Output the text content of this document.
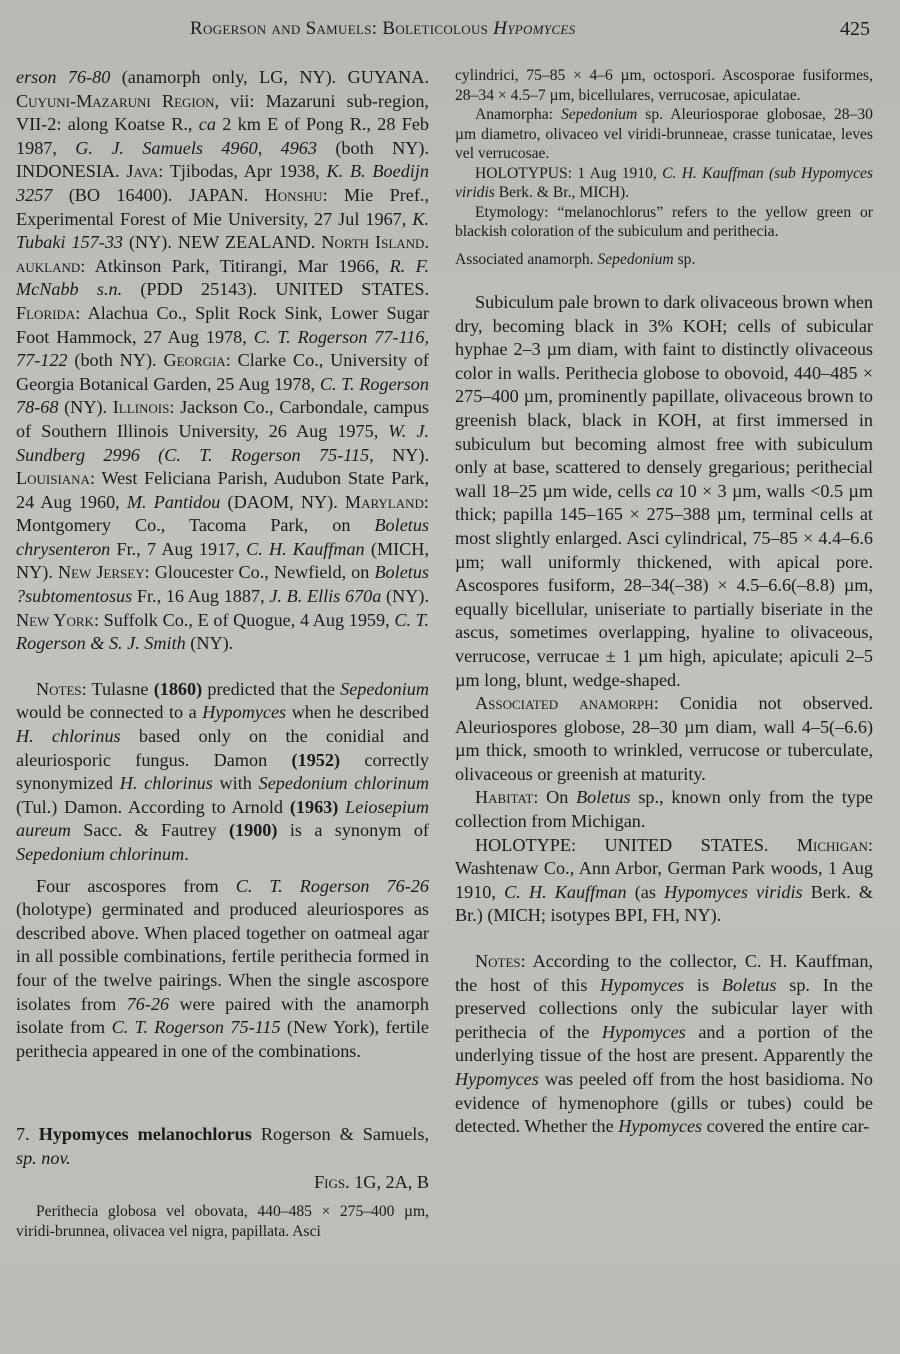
Rogerson and Samuels: Boleticolous Hypomyces	425

erson 76-80 (anamorph only, LG, NY). GUYANA. Cuyuni-Mazaruni Region, vii: Mazaruni sub-region, VII-2: along Koatse R., ca 2 km E of Pong R., 28 Feb 1987, G. J. Samuels 4960, 4963 (both NY). INDONESIA. Java: Tjibodas, Apr 1938, K. B. Boedijn 3257 (BO 16400). JAPAN. Honshu: Mie Pref., Experimental Forest of Mie University, 27 Jul 1967, K. Tubaki 157-33 (NY). NEW ZEALAND. North Island. aukland: Atkinson Park, Titirangi, Mar 1966, R. F. McNabb s.n. (PDD 25143). UNITED STATES. Florida: Alachua Co., Split Rock Sink, Lower Sugar Foot Hammock, 27 Aug 1978, C. T. Rogerson 77-116, 77-122 (both NY). Georgia: Clarke Co., University of Georgia Botanical Garden, 25 Aug 1978, C. T. Rogerson 78-68 (NY). Illinois: Jackson Co., Carbondale, campus of Southern Illinois University, 26 Aug 1975, W. J. Sundberg 2996 (C. T. Rogerson 75-115, NY). Louisiana: West Feliciana Parish, Audubon State Park, 24 Aug 1960, M. Pantidou (DAOM, NY). Maryland: Montgomery Co., Tacoma Park, on Boletus chrysenteron Fr., 7 Aug 1917, C. H. Kauffman (MICH, NY). New Jersey: Gloucester Co., Newfield, on Boletus ?subtomentosus Fr., 16 Aug 1887, J. B. Ellis 670a (NY). New York: Suffolk Co., E of Quogue, 4 Aug 1959, C. T. Rogerson & S. J. Smith (NY).

Notes: Tulasne (1860) predicted that the Sepedonium would be connected to a Hypomyces when he described H. chlorinus based only on the conidial and aleuriosporic fungus. Damon (1952) correctly synonymized H. chlorinus with Sepedonium chlorinum (Tul.) Damon. According to Arnold (1963) Leiosepium aureum Sacc. & Fautrey (1900) is a synonym of Sepedonium chlorinum.

Four ascospores from C. T. Rogerson 76-26 (holotype) germinated and produced aleuriospores as described above. When placed together on oatmeal agar in all possible combinations, fertile perithecia formed in four of the twelve pairings. When the single ascospore isolates from 76-26 were paired with the anamorph isolate from C. T. Rogerson 75-115 (New York), fertile perithecia appeared in one of the combinations.

7. Hypomyces melanochlorus Rogerson & Samuels, sp. nov.

Figs. 1G, 2A, B

Perithecia globosa vel obovata, 440–485 × 275–400 µm, viridi-brunnea, olivacea vel nigra, papillata. Asci

cylindrici, 75–85 × 4–6 µm, octospori. Ascosporae fusiformes, 28–34 × 4.5–7 µm, bicellulares, verrucosae, apiculatae.

Anamorpha: Sepedonium sp. Aleuriosporae globosae, 28–30 µm diametro, olivaceo vel viridi-brunneae, crasse tunicatae, leves vel verrucosae.

HOLOTYPUS: 1 Aug 1910, C. H. Kauffman (sub Hypomyces viridis Berk. & Br., MICH).

Etymology: “melanochlorus” refers to the yellow green or blackish coloration of the subiculum and perithecia.

Associated anamorph. Sepedonium sp.

Subiculum pale brown to dark olivaceous brown when dry, becoming black in 3% KOH; cells of subicular hyphae 2–3 µm diam, with faint to distinctly olivaceous color in walls. Perithecia globose to obovoid, 440–485 × 275–400 µm, prominently papillate, olivaceous brown to greenish black, black in KOH, at first immersed in subiculum but becoming almost free with subiculum only at base, scattered to densely gregarious; perithecial wall 18–25 µm wide, cells ca 10 × 3 µm, walls <0.5 µm thick; papilla 145–165 × 275–388 µm, terminal cells at most slightly enlarged. Asci cylindrical, 75–85 × 4.4–6.6 µm; wall uniformly thickened, with apical pore. Ascospores fusiform, 28–34(–38) × 4.5–6.6(–8.8) µm, equally bicellular, uniseriate to partially biseriate in the ascus, sometimes overlapping, hyaline to olivaceous, verrucose, verrucae ± 1 µm high, apiculate; apiculi 2–5 µm long, blunt, wedge-shaped.

Associated anamorph: Conidia not observed. Aleuriospores globose, 28–30 µm diam, wall 4–5(–6.6) µm thick, smooth to wrinkled, verrucose or tuberculate, olivaceous or greenish at maturity.

Habitat: On Boletus sp., known only from the type collection from Michigan.

HOLOTYPE: UNITED STATES. Michigan: Washtenaw Co., Ann Arbor, German Park woods, 1 Aug 1910, C. H. Kauffman (as Hypomyces viridis Berk. & Br.) (MICH; isotypes BPI, FH, NY).

Notes: According to the collector, C. H. Kauffman, the host of this Hypomyces is Boletus sp. In the preserved collections only the subicular layer with perithecia of the Hypomyces and a portion of the underlying tissue of the host are present. Apparently the Hypomyces was peeled off from the host basidioma. No evidence of hymenophore (gills or tubes) could be detected. Whether the Hypomyces covered the entire car-
